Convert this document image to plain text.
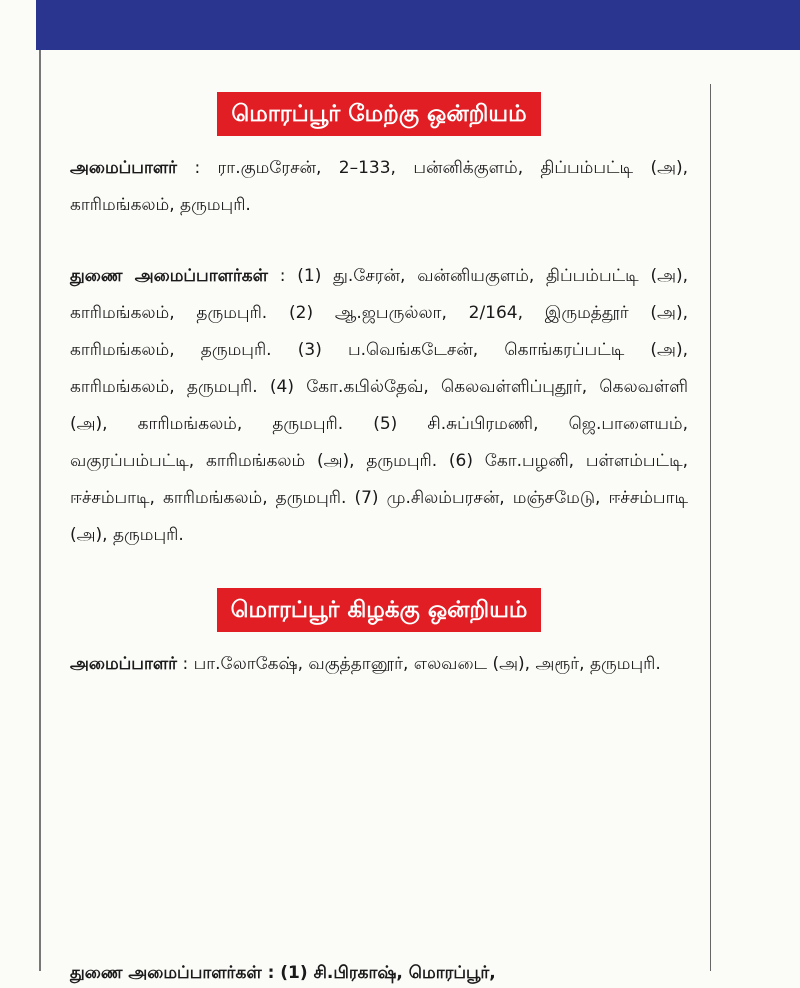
மொரப்பூர் மேற்கு ஒன்றியம்

அமைப்பாளர் : ரா.குமரேசன், 2–133, பன்னிக்குளம், திப்பம்பட்டி (அ), காரிமங்கலம், தருமபுரி.

துணை அமைப்பாளர்கள் : (1) து.சேரன், வன்னியகுளம், திப்பம்பட்டி (அ), காரிமங்கலம், தருமபுரி. (2) ஆ.ஜபருல்லா, 2/164, இருமத்தூர் (அ), காரிமங்கலம், தருமபுரி. (3) ப.வெங்கடேசன், கொங்கரப்பட்டி (அ), காரிமங்கலம், தருமபுரி. (4) கோ.கபில்தேவ், கெலவள்ளிப்புதூர், கெலவள்ளி (அ), காரிமங்கலம், தருமபுரி. (5) சி.சுப்பிரமணி, ஜெ.பாளையம், வகுரப்பம்பட்டி, காரிமங்கலம் (அ), தருமபுரி. (6) கோ.பழனி, பள்ளம்பட்டி, ஈச்சம்பாடி, காரிமங்கலம், தருமபுரி. (7) மு.சிலம்பரசன், மஞ்சமேடு, ஈச்சம்பாடி (அ), தருமபுரி.

மொரப்பூர் கிழக்கு ஒன்றியம்

அமைப்பாளர் : பா.லோகேஷ், வகுத்தானூர், எலவடை (அ), அரூர், தருமபுரி.

துணை அமைப்பாளர்கள் : (1) சி.பிரகாஷ், மொரப்பூர்,
